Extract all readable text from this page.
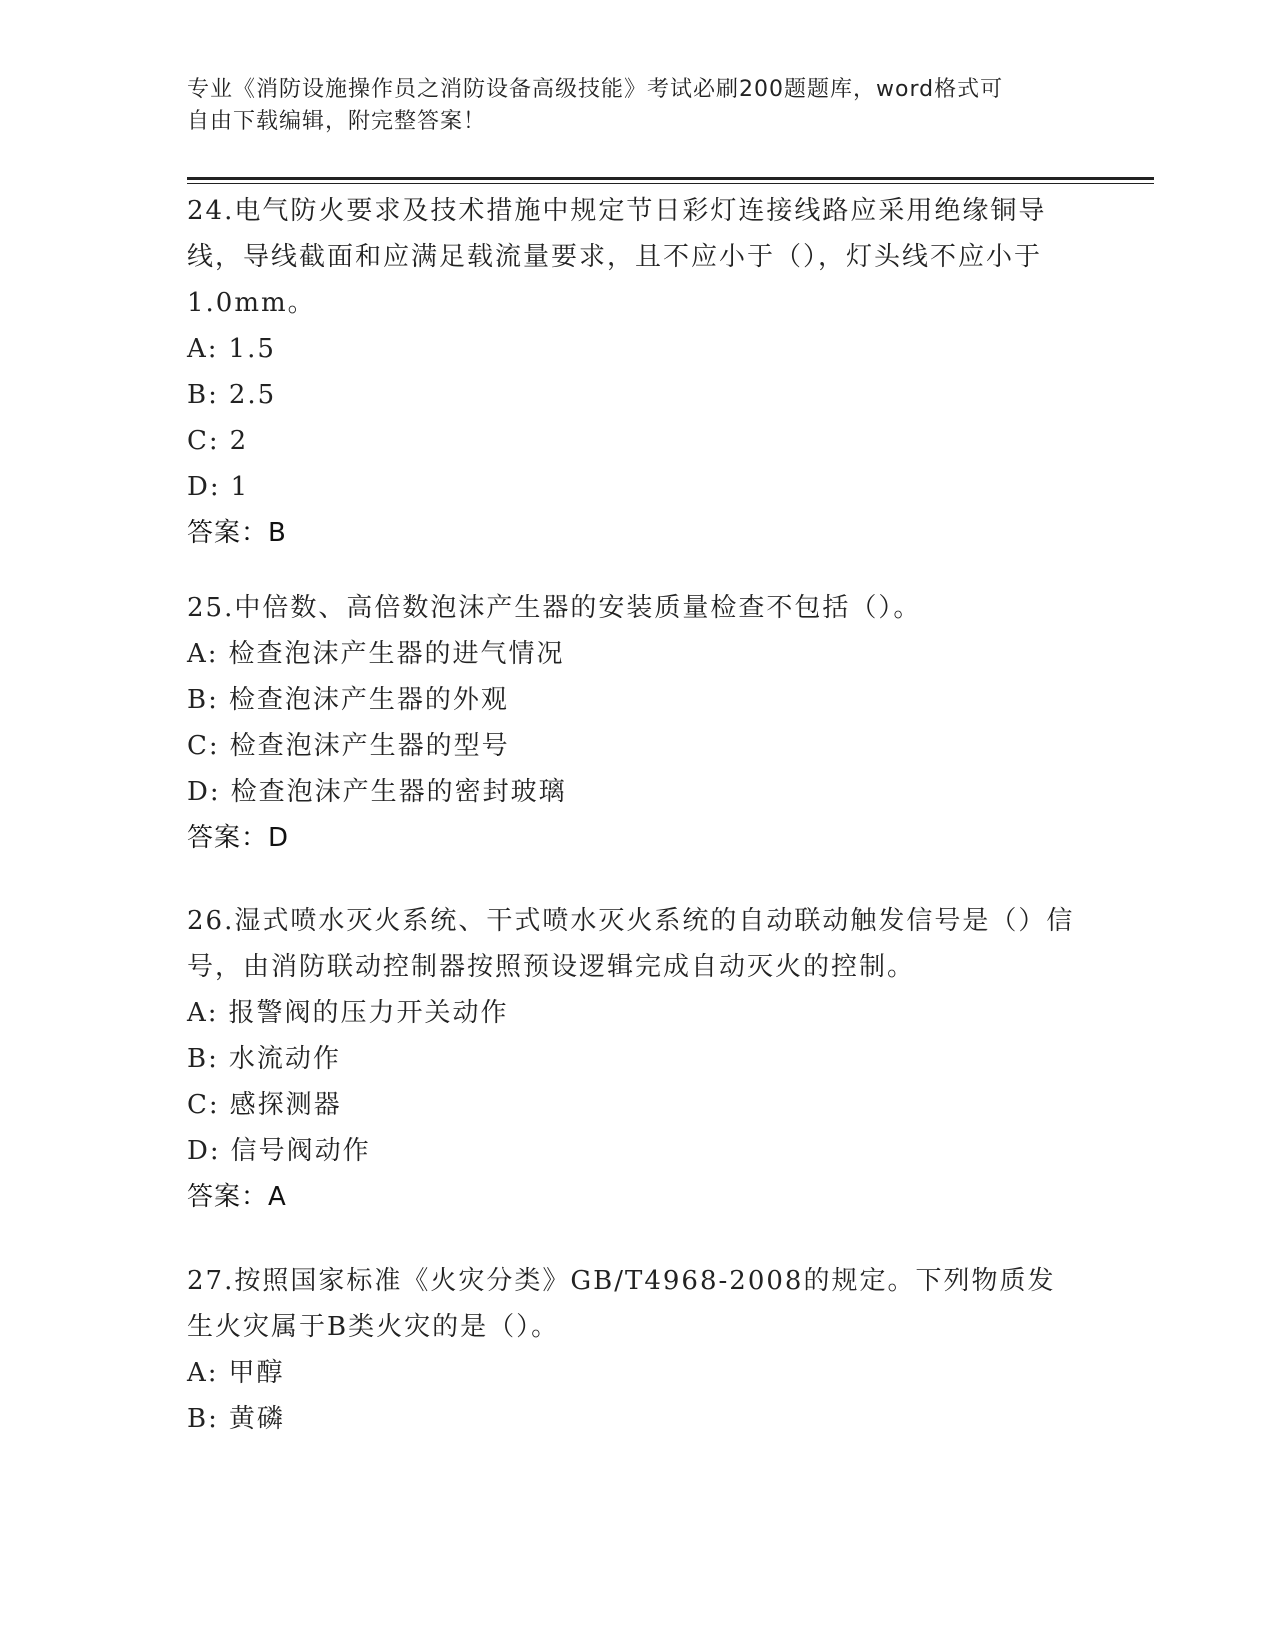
专业《消防设施操作员之消防设备高级技能》考试必刷200题题库，word格式可
自由下载编辑，附完整答案！

24.电气防火要求及技术措施中规定节日彩灯连接线路应采用绝缘铜导线，导线截面和应满足载流量要求，且不应小于（），灯头线不应小于1.0mm。

A: 1.5

B: 2.5

C: 2

D: 1

答案：B

25.中倍数、高倍数泡沫产生器的安装质量检查不包括（）。

A: 检查泡沫产生器的进气情况

B: 检查泡沫产生器的外观

C: 检查泡沫产生器的型号

D: 检查泡沫产生器的密封玻璃

答案：D

26.湿式喷水灭火系统、干式喷水灭火系统的自动联动触发信号是（）信号，由消防联动控制器按照预设逻辑完成自动灭火的控制。

A: 报警阀的压力开关动作

B: 水流动作

C: 感探测器

D: 信号阀动作

答案：A

27.按照国家标准《火灾分类》GB/T4968-2008的规定。下列物质发生火灾属于B类火灾的是（）。

A: 甲醇

B: 黄磷
